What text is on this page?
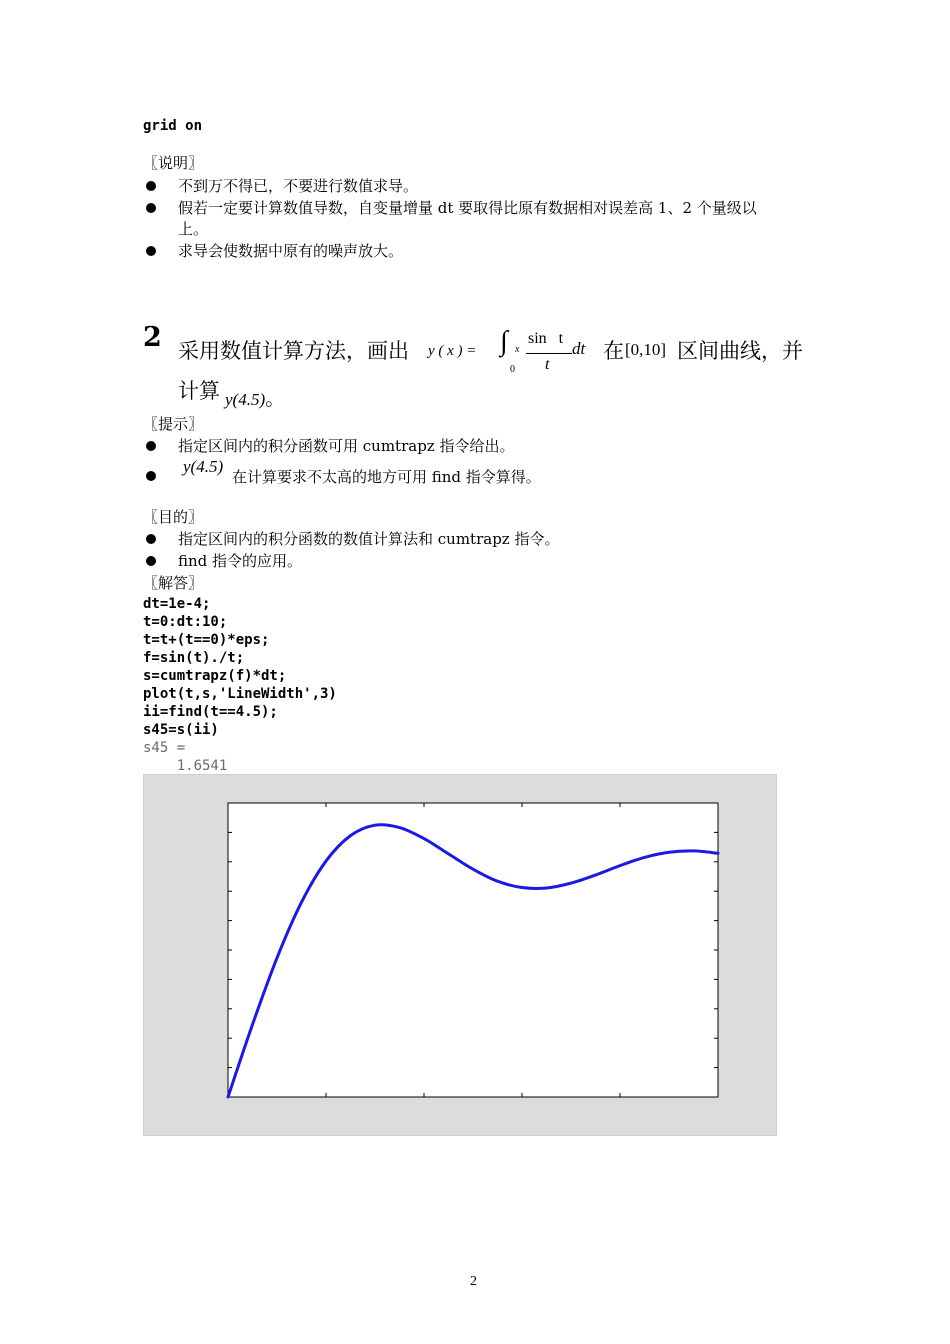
grid on
〖说明〗
不到万不得已，不要进行数值求导。
假若一定要计算数值导数，自变量增量 dt 要取得比原有数据相对误差高 1、2 个量级以
上。
求导会使数据中原有的噪声放大。
2 采用数值计算方法，画出 y ( x ) = ∫ x
0
sin   t
t
dt 在 [0,10] 区间曲线，并
计算 y(4.5)。
〖提示〗
指定区间内的积分函数可用 cumtrapz 指令给出。
y(4.5)
在计算要求不太高的地方可用 find 指令算得。
〖目的〗
指定区间内的积分函数的数值计算法和 cumtrapz 指令。
find 指令的应用。
〖解答〗
dt=1e-4;
t=0:dt:10;
t=t+(t==0)*eps;
f=sin(t)./t;
s=cumtrapz(f)*dt;
plot(t,s,'LineWidth',3)
ii=find(t==4.5);
s45=s(ii)
s45 =
1.6541
2
